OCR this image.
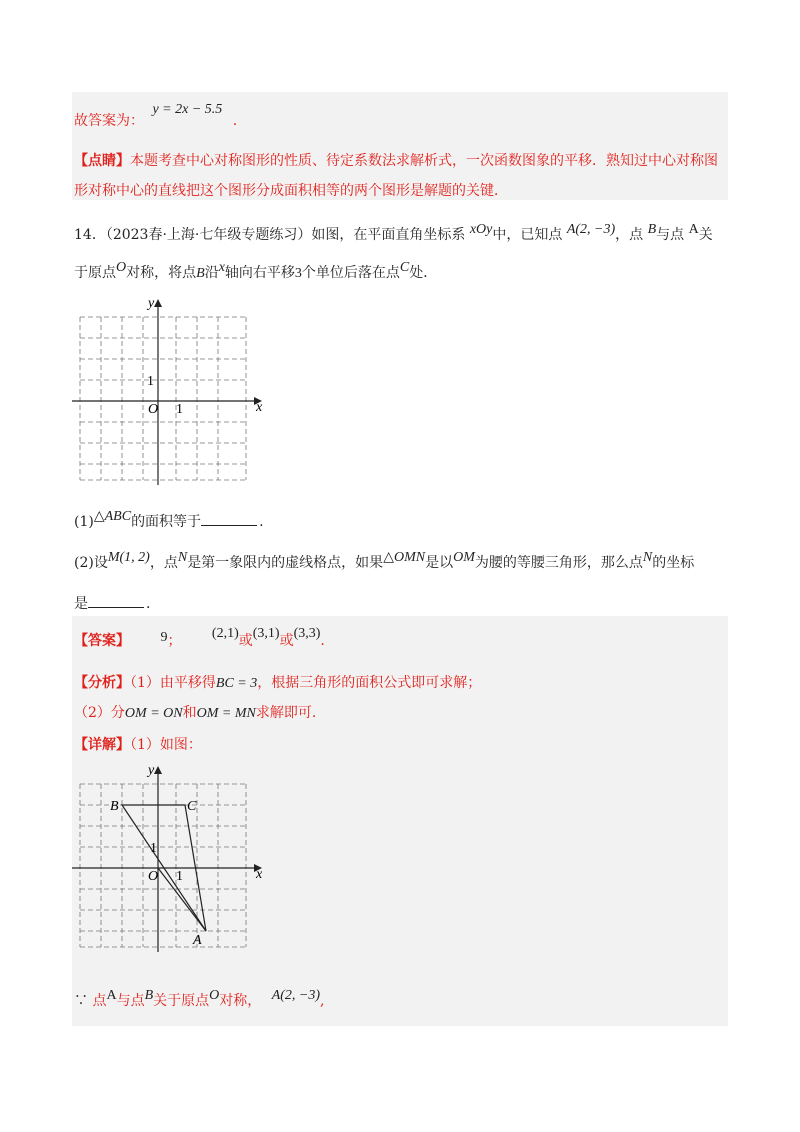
故答案为： y = 2x − 5.5 .
【点睛】本题考查中心对称图形的性质、待定系数法求解析式，一次函数图象的平移．熟知过中心对称图
形对称中心的直线把这个图形分成面积相等的两个图形是解题的关键．
14．（2023春·上海·七年级专题练习）如图，在平面直角坐标系 xOy中，已知点 A(2, −3)，点 B与点 A关
于原点O对称，将点B沿x轴向右平移3个单位后落在点C处．
y
x
O 1
1
(1)△ABC的面积等于	.
(2)设M(1, 2)，点N是第一象限内的虚线格点，如果△OMN是以OM为腰的等腰三角形，那么点N的坐标
是	.
【答案】 9； (2,1)或(3,1)或(3,3).
【分析】（1）由平移得BC = 3，根据三角形的面积公式即可求解；
（2）分OM = ON和OM = MN求解即可.
【详解】（1）如图：
y
x
O 1
1
B	C
A
∵ 点A与点B关于原点O对称， A(2, −3),
